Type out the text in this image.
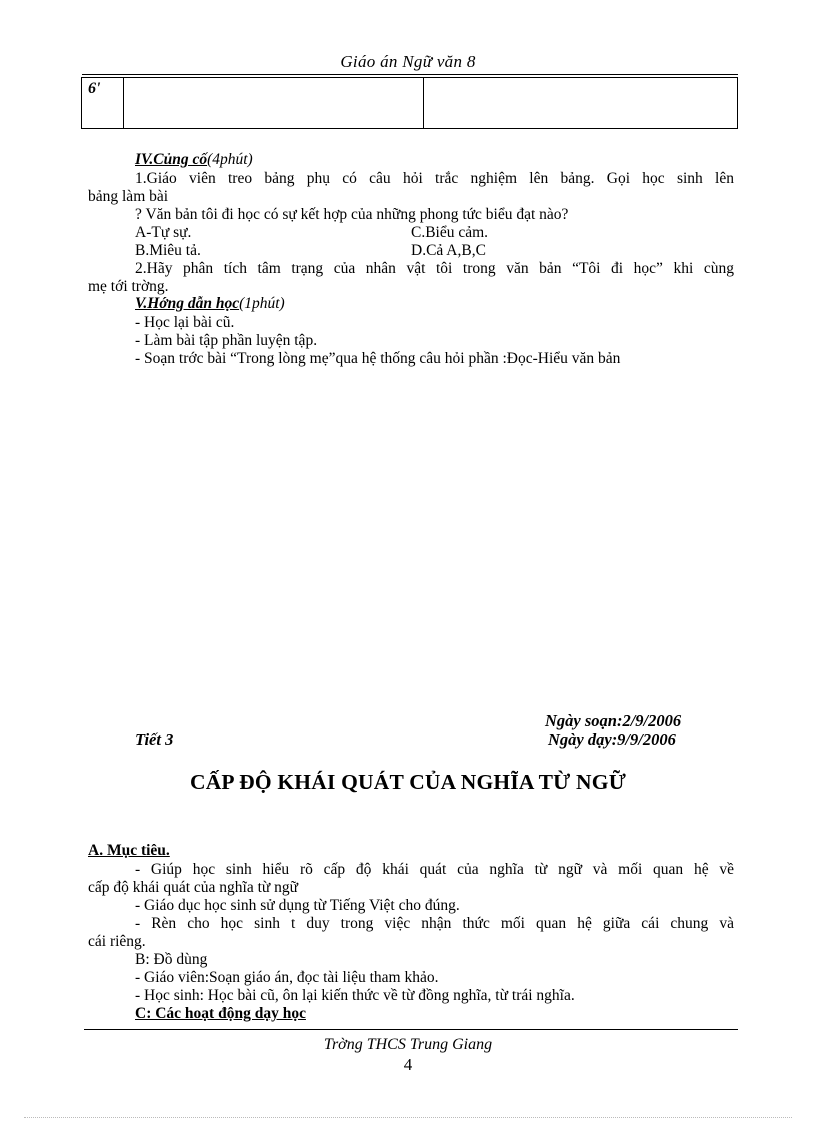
Giáo án Ngữ văn 8
6'
IV.Củng cố(4phút)
1.Giáo viên treo bảng phụ có câu hỏi trắc nghiệm lên bảng. Gọi học sinh lên
bảng làm bài
? Văn bản tôi đi học có sự kết hợp của những phong tức biểu đạt nào?
A-Tự sự.	C.Biểu cảm.
B.Miêu tả.	D.Cả A,B,C
2.Hãy phân tích tâm trạng của nhân vật tôi trong văn bản “Tôi đi học” khi cùng
mẹ tới trờng.
V.Hớng dẫn học(1phút)
- Học lại bài cũ.
- Làm bài tập phần luyện tập.
- Soạn trớc bài “Trong lòng mẹ”qua hệ thống câu hỏi phần :Đọc-Hiểu văn bản
Ngày soạn:2/9/2006
Tiết 3	Ngày dạy:9/9/2006
CẤP ĐỘ KHÁI QUÁT CỦA NGHĨA TỪ NGỮ
A. Mục tiêu.
- Giúp học sinh hiểu rõ cấp độ khái quát của nghĩa từ ngữ và mối quan hệ về
cấp độ khái quát của nghĩa từ ngữ
- Giáo dục học sinh sử dụng từ Tiếng Việt cho đúng.
- Rèn cho học sinh t duy trong việc nhận thức mối quan hệ giữa cái chung và
cái riêng.
B: Đồ dùng
- Giáo viên:Soạn giáo án, đọc tài liệu tham khảo.
- Học sinh: Học bài cũ, ôn lại kiến thức về từ đồng nghĩa, từ trái nghĩa.
C: Các hoạt động dạy học
Trờng THCS Trung Giang
4
